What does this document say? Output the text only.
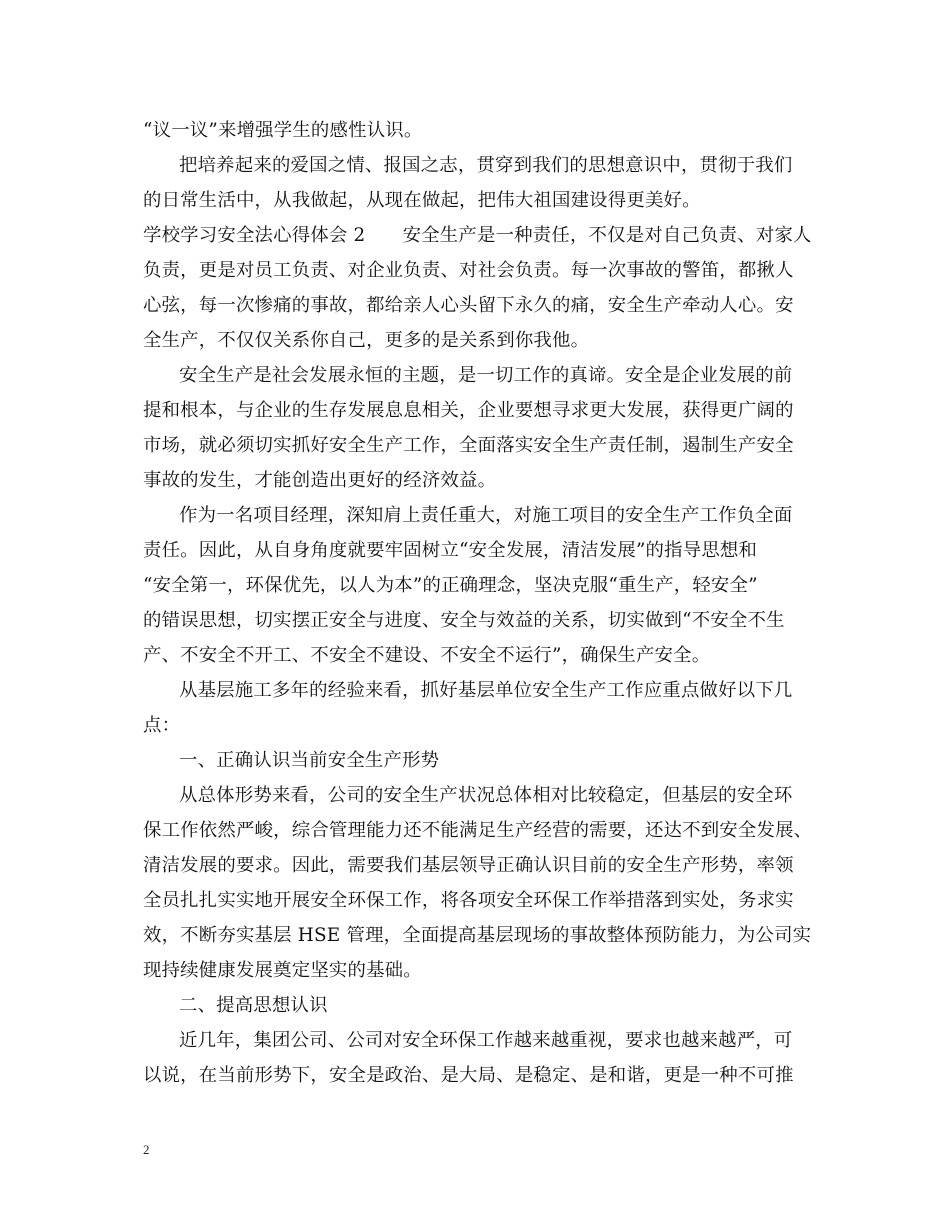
“议一议”来增强学生的感性认识。
把培养起来的爱国之情、报国之志，贯穿到我们的思想意识中，贯彻于我们
的日常生活中，从我做起，从现在做起，把伟大祖国建设得更美好。
学校学习安全法心得体会 2　　安全生产是一种责任，不仅是对自己负责、对家人
负责，更是对员工负责、对企业负责、对社会负责。每一次事故的警笛，都揪人
心弦，每一次惨痛的事故，都给亲人心头留下永久的痛，安全生产牵动人心。安
全生产，不仅仅关系你自己，更多的是关系到你我他。
安全生产是社会发展永恒的主题，是一切工作的真谛。安全是企业发展的前
提和根本，与企业的生存发展息息相关，企业要想寻求更大发展，获得更广阔的
市场，就必须切实抓好安全生产工作，全面落实安全生产责任制，遏制生产安全
事故的发生，才能创造出更好的经济效益。
作为一名项目经理，深知肩上责任重大，对施工项目的安全生产工作负全面
责任。因此，从自身角度就要牢固树立“安全发展，清洁发展”的指导思想和
“安全第一，环保优先，以人为本”的正确理念，坚决克服“重生产，轻安全”
的错误思想，切实摆正安全与进度、安全与效益的关系，切实做到“不安全不生
产、不安全不开工、不安全不建设、不安全不运行”，确保生产安全。
从基层施工多年的经验来看，抓好基层单位安全生产工作应重点做好以下几
点：
一、正确认识当前安全生产形势
从总体形势来看，公司的安全生产状况总体相对比较稳定，但基层的安全环
保工作依然严峻，综合管理能力还不能满足生产经营的需要，还达不到安全发展、
清洁发展的要求。因此，需要我们基层领导正确认识目前的安全生产形势，率领
全员扎扎实实地开展安全环保工作，将各项安全环保工作举措落到实处，务求实
效，不断夯实基层 HSE 管理，全面提高基层现场的事故整体预防能力，为公司实
现持续健康发展奠定坚实的基础。
二、提高思想认识
近几年，集团公司、公司对安全环保工作越来越重视，要求也越来越严，可
以说，在当前形势下，安全是政治、是大局、是稳定、是和谐，更是一种不可推
2
